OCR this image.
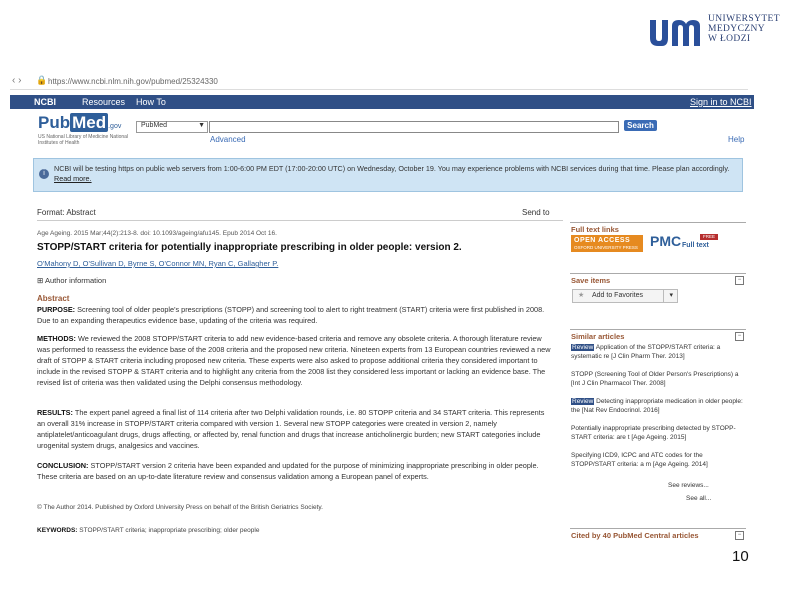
UNIWERSYTET
MEDYCZNY
W ŁODZI
‹ › 🔒 https://www.ncbi.nlm.nih.gov/pubmed/25324330
NCBI	Resources How To	Sign in to NCBI
Pub Med .gov
US National Library of Medicine National Institutes of Health
PubMed	▼	Search
Advanced	Help
i
NCBI will be testing https on public web servers from 1:00-6:00 PM EDT (17:00-20:00 UTC) on Wednesday, October 19. You may experience problems with NCBI services during that time. Please plan accordingly. Read more.
Format: Abstract	Send to
Age Ageing. 2015 Mar;44(2):213-8. doi: 10.1093/ageing/afu145. Epub 2014 Oct 16.
STOPP/START criteria for potentially inappropriate prescribing in older people: version 2.
O'Mahony D, O'Sullivan D, Byrne S, O'Connor MN, Ryan C, Gallagher P.
⊞ Author information
Abstract
PURPOSE: Screening tool of older people's prescriptions (STOPP) and screening tool to alert to right treatment (START) criteria were first published in 2008. Due to an expanding therapeutics evidence base, updating of the criteria was required.
METHODS: We reviewed the 2008 STOPP/START criteria to add new evidence-based criteria and remove any obsolete criteria. A thorough literature review was performed to reassess the evidence base of the 2008 criteria and the proposed new criteria. Nineteen experts from 13 European countries reviewed a new draft of STOPP & START criteria including proposed new criteria. These experts were also asked to propose additional criteria they considered important to include in the revised STOPP & START criteria and to highlight any criteria from the 2008 list they considered less important or lacking an evidence base. The revised list of criteria was then validated using the Delphi consensus methodology.
RESULTS: The expert panel agreed a final list of 114 criteria after two Delphi validation rounds, i.e. 80 STOPP criteria and 34 START criteria. This represents an overall 31% increase in STOPP/START criteria compared with version 1. Several new STOPP categories were created in version 2, namely antiplatelet/anticoagulant drugs, drugs affecting, or affected by, renal function and drugs that increase anticholinergic burden; new START categories include urogenital system drugs, analgesics and vaccines.
CONCLUSION: STOPP/START version 2 criteria have been expanded and updated for the purpose of minimizing inappropriate prescribing in older people. These criteria are based on an up-to-date literature review and consensus validation among a European panel of experts.
© The Author 2014. Published by Oxford University Press on behalf of the British Geriatrics Society.
KEYWORDS: STOPP/START criteria; inappropriate prescribing; older people
Full text links
OPEN ACCESS
OXFORD UNIVERSITY PRESS PMC Full text
FREE
Save items	−
★ Add to Favorites	▾
Similar articles	−
Review Application of the STOPP/START criteria: a systematic re [J Clin Pharm Ther. 2013]
STOPP (Screening Tool of Older Person's Prescriptions) a [Int J Clin Pharmacol Ther. 2008]
Review Detecting inappropriate medication in older people: the [Nat Rev Endocrinol. 2016]
Potentially inappropriate prescribing detected by STOPP-START criteria: are t [Age Ageing. 2015]
Specifying ICD9, ICPC and ATC codes for the STOPP/START criteria: a m [Age Ageing. 2014]
See reviews...
See all...
Cited by 40 PubMed Central articles	−
10
